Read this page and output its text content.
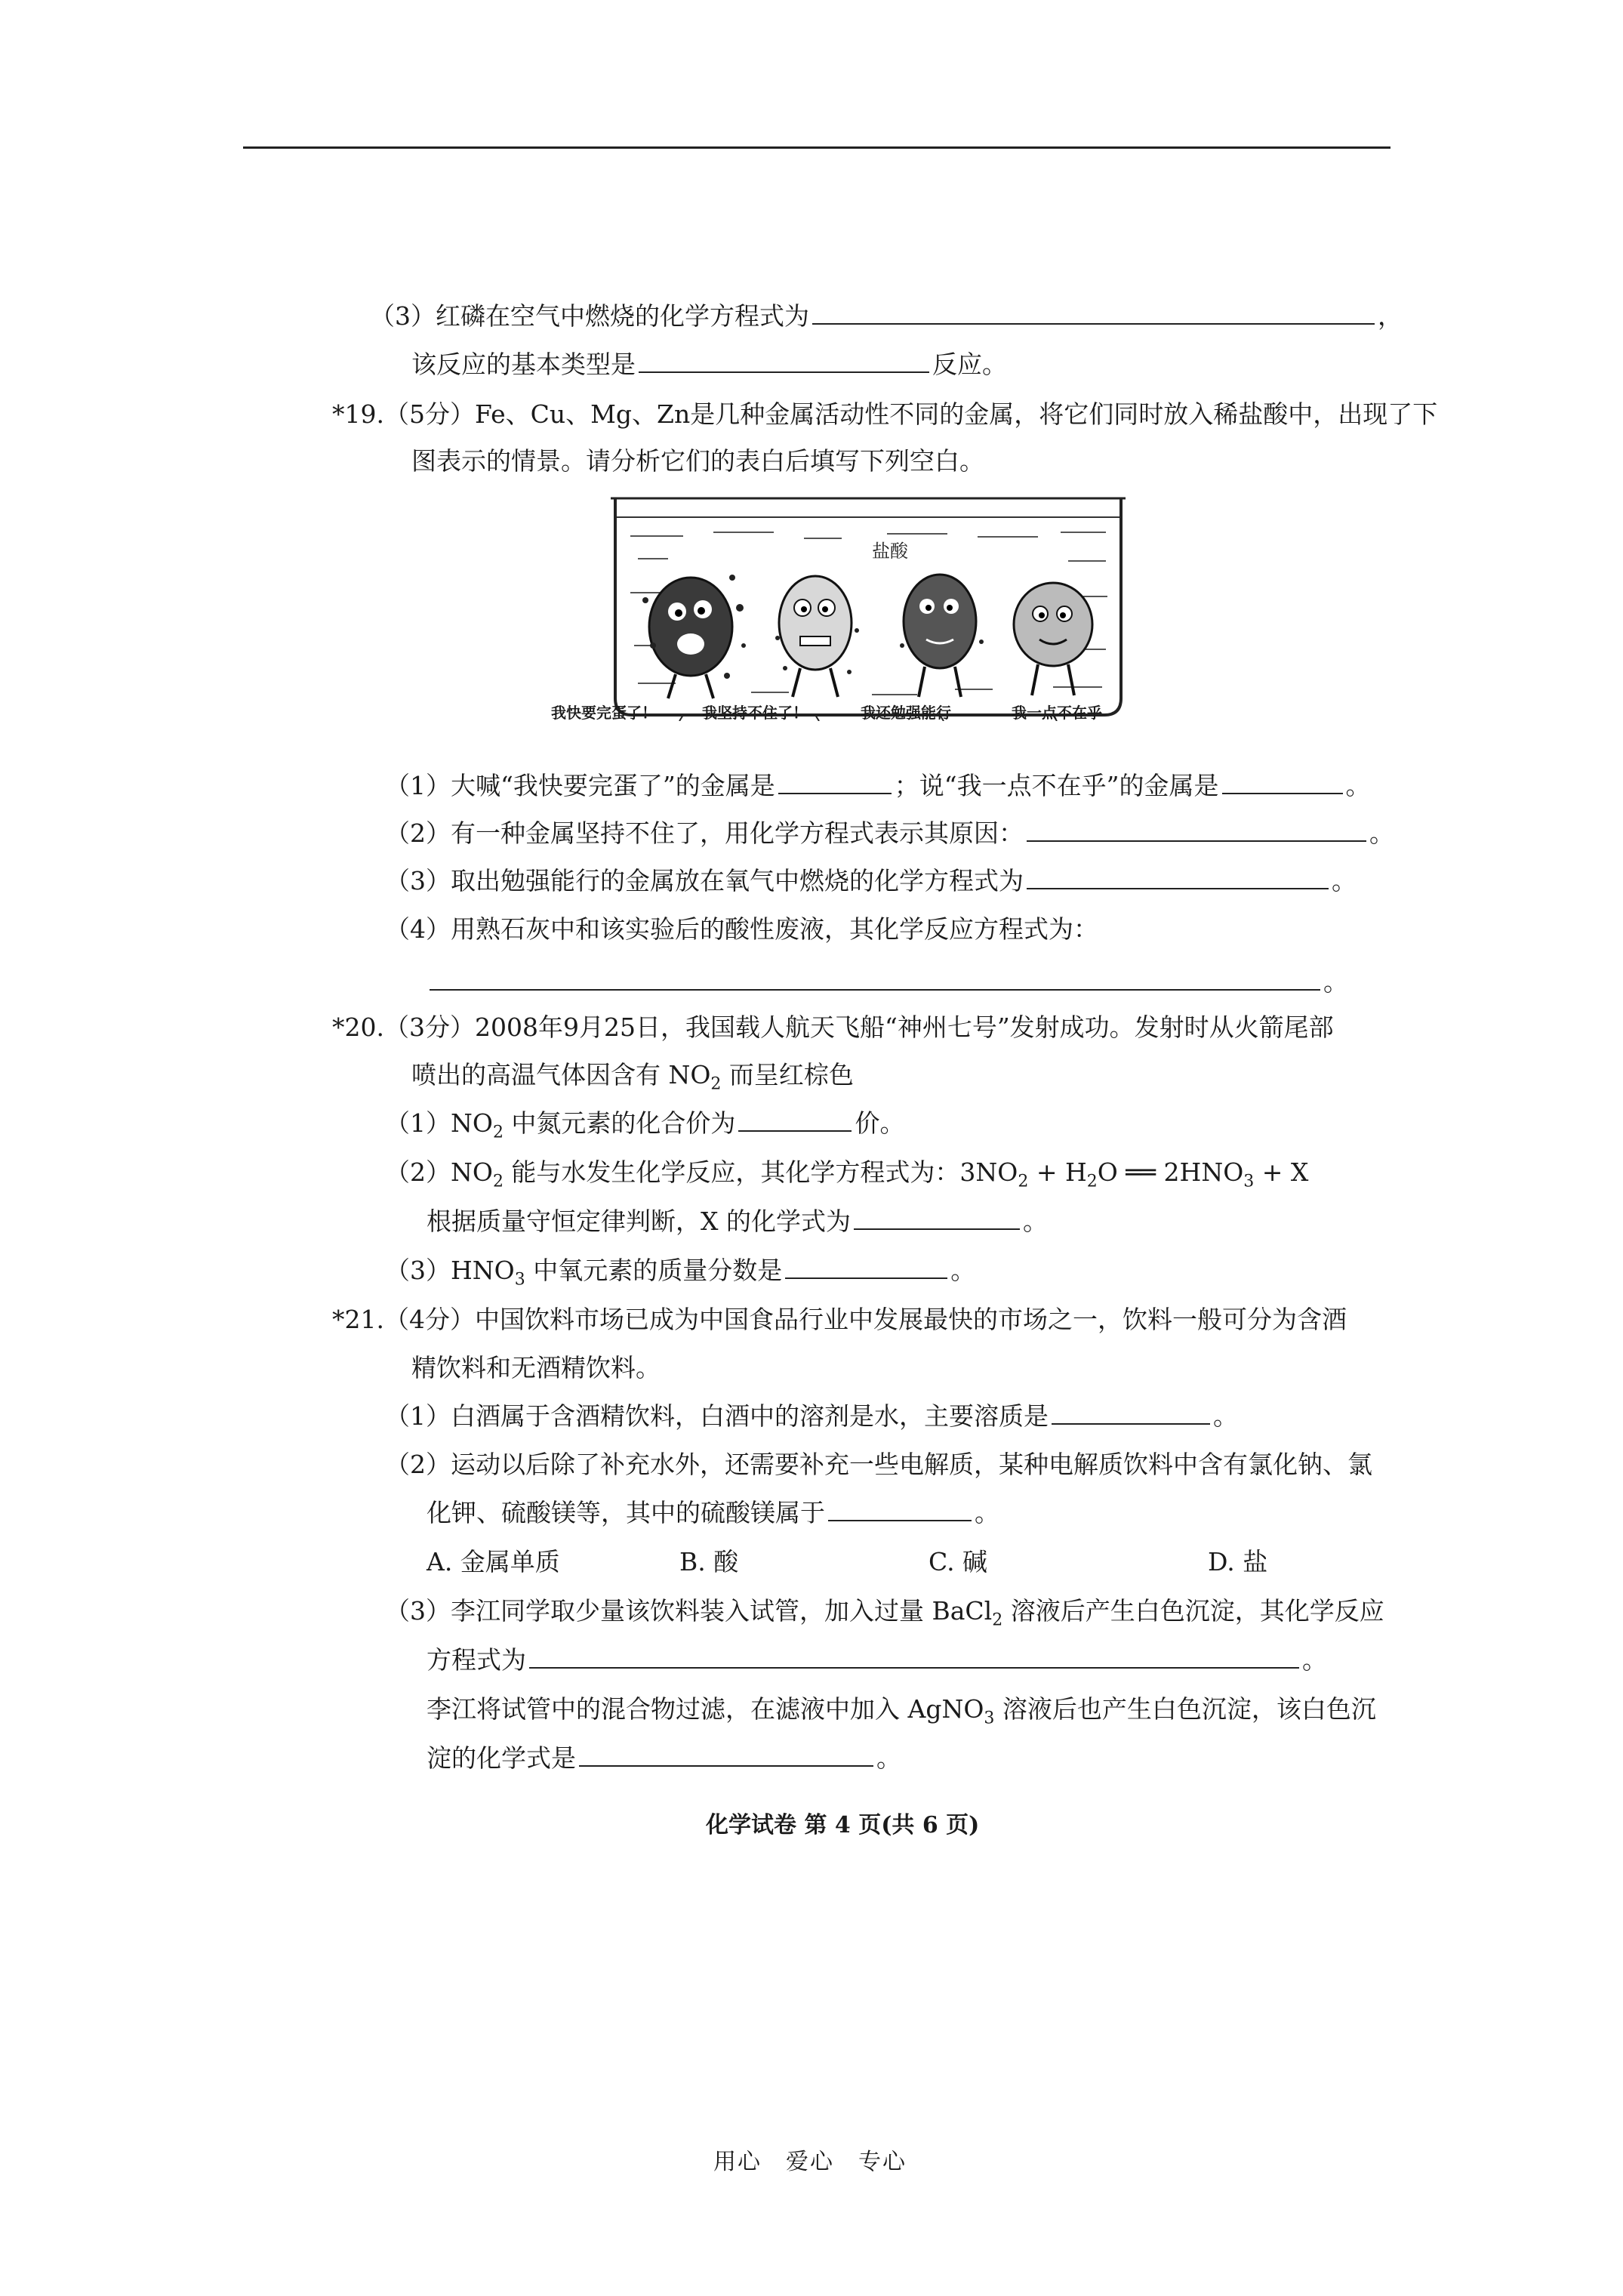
（3）红磷在空气中燃烧的化学方程式为	，
该反应的基本类型是	反应。
*19.（5分）Fe、Cu、Mg、Zn是几种金属活动性不同的金属，将它们同时放入稀盐酸中，出现了下
图表示的情景。请分析它们的表白后填写下列空白。
盐酸
我快要完蛋了！	我坚持不住了！	我还勉强能行	我一点不在乎
（1）大喊“我快要完蛋了”的金属是	；说“我一点不在乎”的金属是	。
（2）有一种金属坚持不住了，用化学方程式表示其原因：	。
（3）取出勉强能行的金属放在氧气中燃烧的化学方程式为	。
（4）用熟石灰中和该实验后的酸性废液，其化学反应方程式为：
。
*20.（3分）2008年9月25日，我国载人航天飞船“神州七号”发射成功。发射时从火箭尾部
喷出的高温气体因含有 $NO_2$ 而呈红棕色
$(1)NO_2$ 中氮元素的化合价为	价。
$(2)NO_2$ 能与水发生化学反应，其化学方程式为：$3NO_2 + H_2O$ ══ $2HNO_3 + X$
根据质量守恒定律判断，X 的化学式为	。
$(3)HNO_3$ 中氧元素的质量分数是	。
*21.（4分）中国饮料市场已成为中国食品行业中发展最快的市场之一，饮料一般可分为含酒
精饮料和无酒精饮料。
（1）白酒属于含酒精饮料，白酒中的溶剂是水，主要溶质是	。
（2）运动以后除了补充水外，还需要补充一些电解质，某种电解质饮料中含有氯化钠、氯
化钾、硫酸镁等，其中的硫酸镁属于	。
A. 金属单质	B. 酸	C. 碱	D. 盐
（3）李江同学取少量该饮料装入试管，加入过量 BaCl$_2$ 溶液后产生白色沉淀，其化学反应
方程式为	。
李江将试管中的混合物过滤，在滤液中加入 AgNO$_3$ 溶液后也产生白色沉淀，该白色沉
淀的化学式是	。
化学试卷 第 4 页(共 6 页)
用心　爱心　专心
